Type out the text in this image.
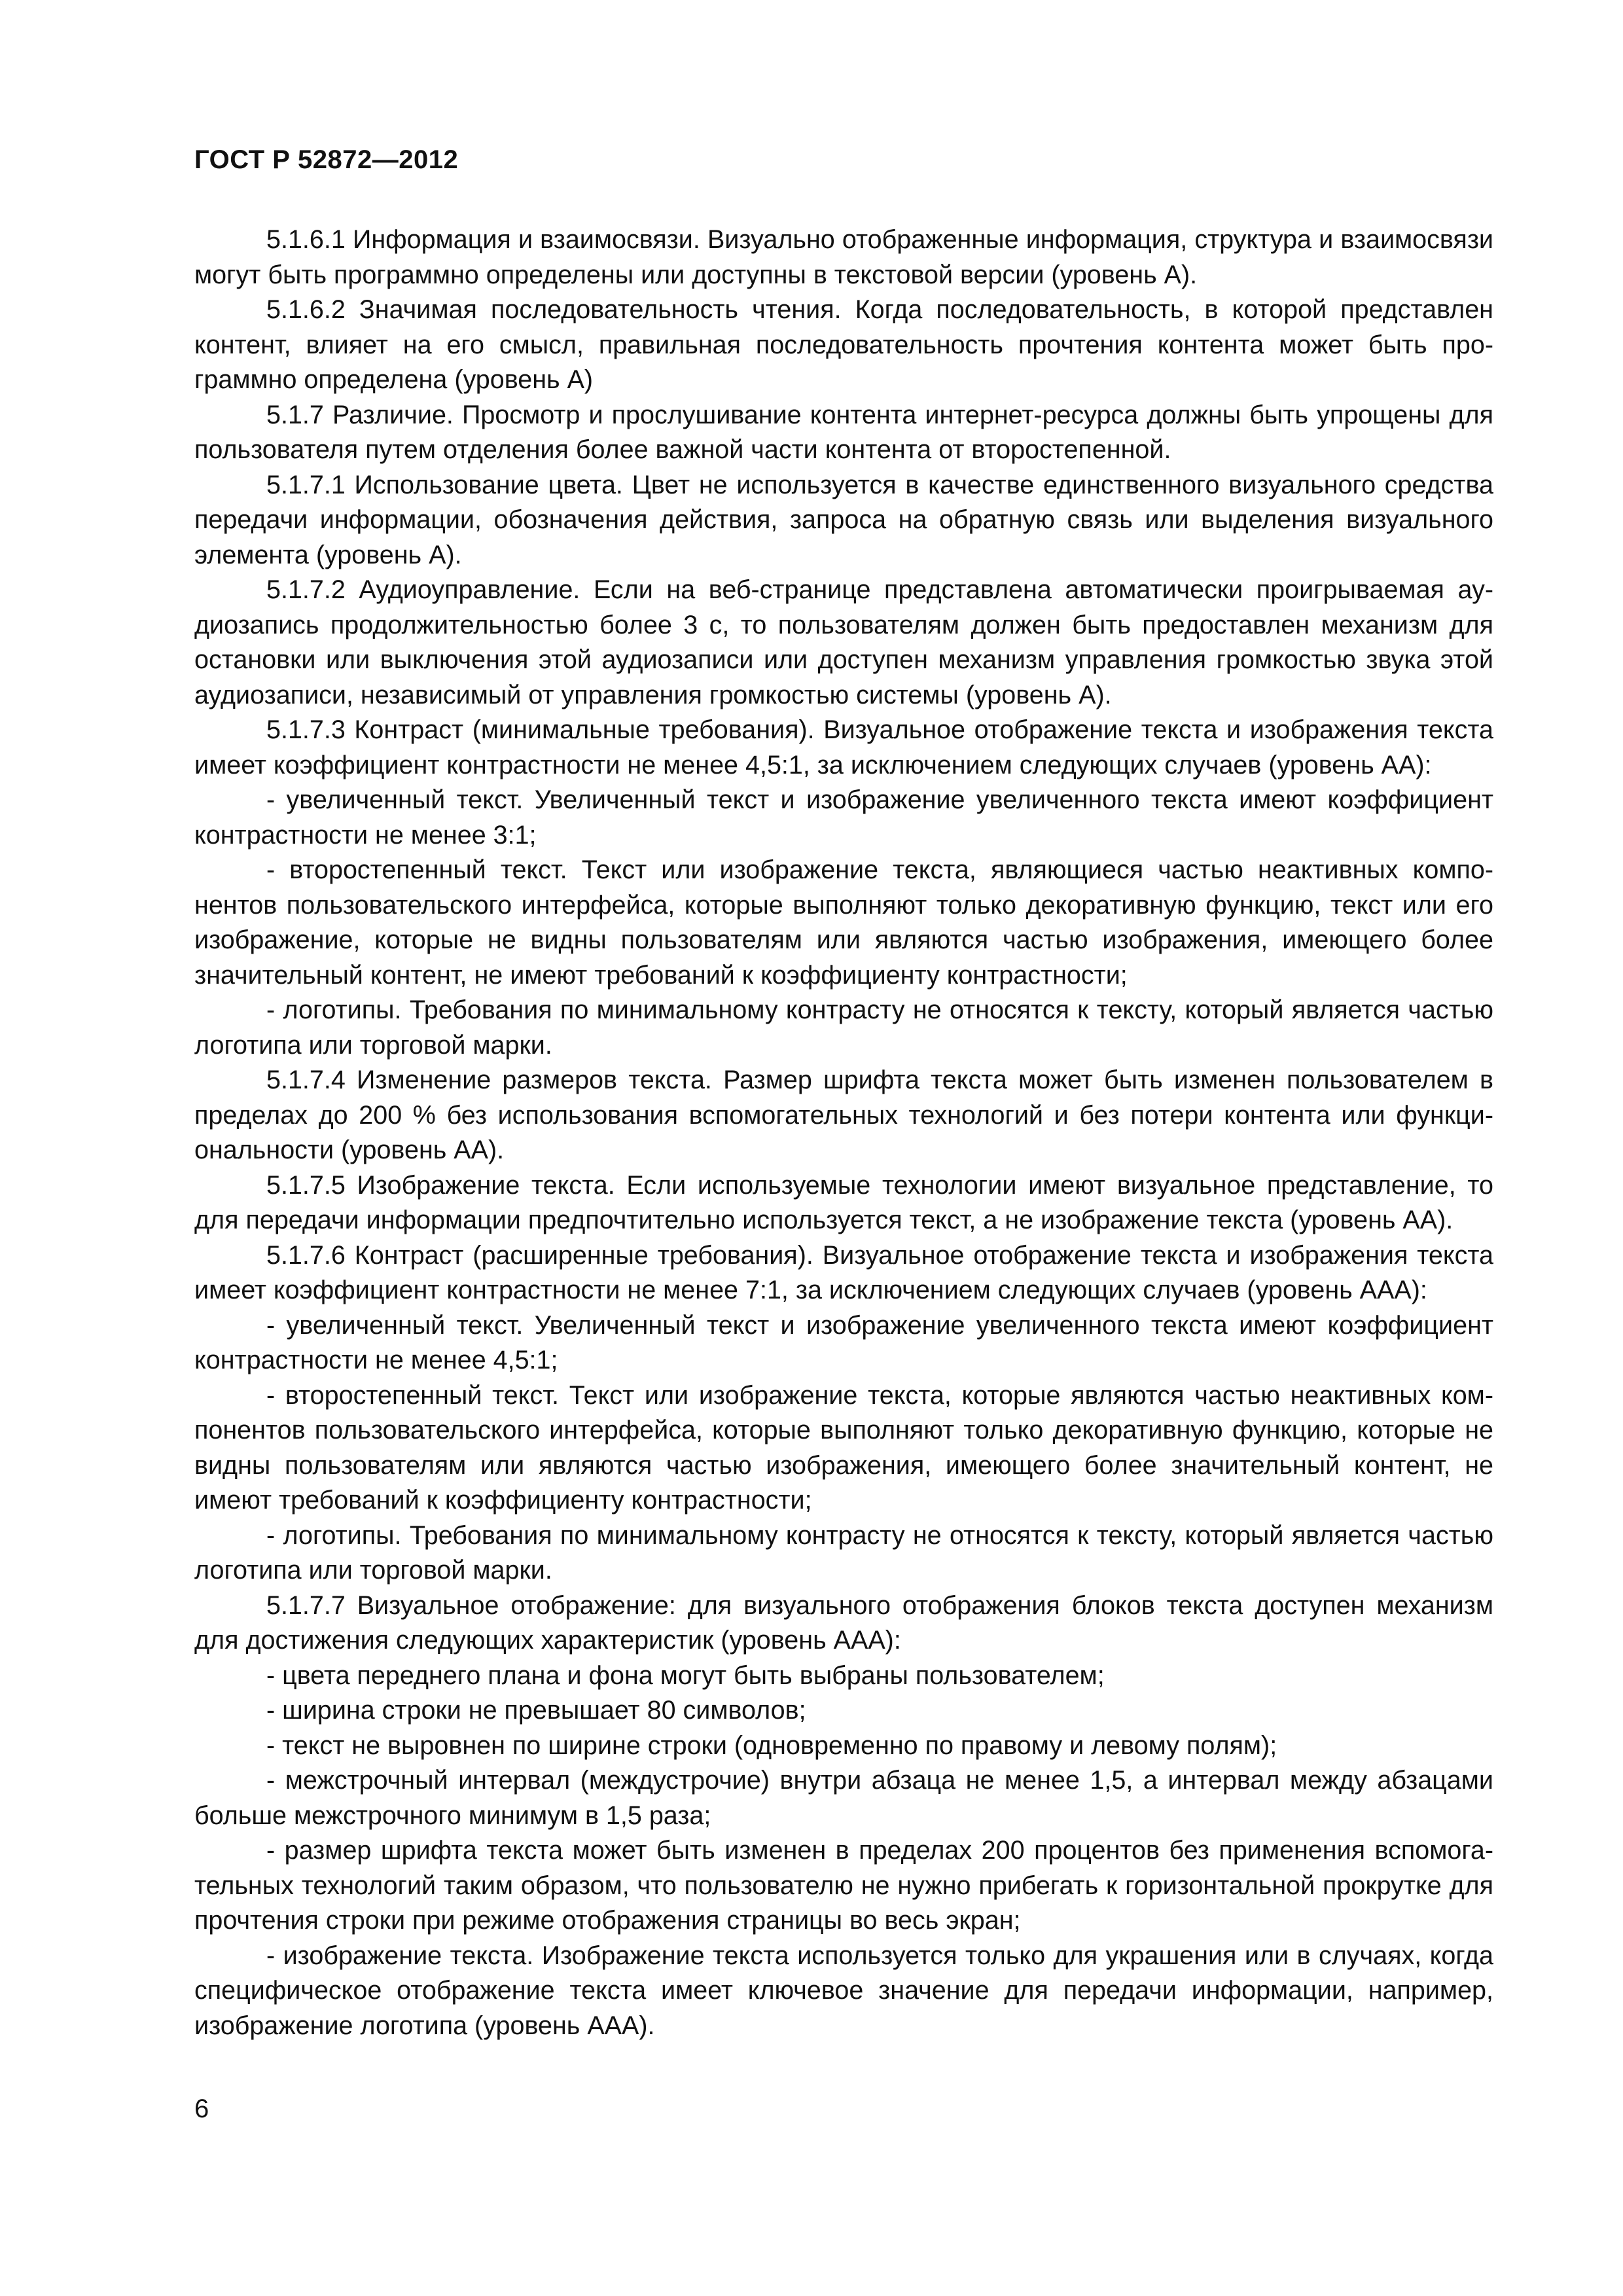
ГОСТ Р 52872—2012

5.1.6.1 Информация и взаимосвязи. Визуально отображенные информация, структура и взаимосвязи могут быть программно определены или доступны в текстовой версии (уровень А).

5.1.6.2 Значимая последовательность чтения. Когда последовательность, в которой представлен контент, влияет на его смысл, правильная последовательность прочтения контента может быть программно определена (уровень А)

5.1.7 Различие. Просмотр и прослушивание контента интернет-ресурса должны быть упрощены для пользователя путем отделения более важной части контента от второстепенной.

5.1.7.1 Использование цвета. Цвет не используется в качестве единственного визуального средства передачи информации, обозначения действия, запроса на обратную связь или выделения визуального элемента (уровень А).

5.1.7.2 Аудиоуправление. Если на веб-странице представлена автоматически проигрываемая аудиозапись продолжительностью более 3 с, то пользователям должен быть предоставлен механизм для остановки или выключения этой аудиозаписи или доступен механизм управления громкостью звука этой аудиозаписи, независимый от управления громкостью системы (уровень А).

5.1.7.3 Контраст (минимальные требования). Визуальное отображение текста и изображения текста имеет коэффициент контрастности не менее 4,5:1, за исключением следующих случаев (уровень АА):

- увеличенный текст. Увеличенный текст и изображение увеличенного текста имеют коэффициент контрастности не менее 3:1;

- второстепенный текст. Текст или изображение текста, являющиеся частью неактивных компонентов пользовательского интерфейса, которые выполняют только декоративную функцию, текст или его изображение, которые не видны пользователям или являются частью изображения, имеющего более значительный контент, не имеют требований к коэффициенту контрастности;

- логотипы. Требования по минимальному контрасту не относятся к тексту, который является частью логотипа или торговой марки.

5.1.7.4 Изменение размеров текста. Размер шрифта текста может быть изменен пользователем в пределах до 200 % без использования вспомогательных технологий и без потери контента или функциональности (уровень АА).

5.1.7.5 Изображение текста. Если используемые технологии имеют визуальное представление, то для передачи информации предпочтительно используется текст, а не изображение текста (уровень АА).

5.1.7.6 Контраст (расширенные требования). Визуальное отображение текста и изображения текста имеет коэффициент контрастности не менее 7:1, за исключением следующих случаев (уровень ААА):

- увеличенный текст. Увеличенный текст и изображение увеличенного текста имеют коэффициент контрастности не менее 4,5:1;

- второстепенный текст. Текст или изображение текста, которые являются частью неактивных компонентов пользовательского интерфейса, которые выполняют только декоративную функцию, которые не видны пользователям или являются частью изображения, имеющего более значительный контент, не имеют требований к коэффициенту контрастности;

- логотипы. Требования по минимальному контрасту не относятся к тексту, который является частью логотипа или торговой марки.

5.1.7.7 Визуальное отображение: для визуального отображения блоков текста доступен механизм для достижения следующих характеристик (уровень ААА):

- цвета переднего плана и фона могут быть выбраны пользователем;

- ширина строки не превышает 80 символов;

- текст не выровнен по ширине строки (одновременно по правому и левому полям);

- межстрочный интервал (междустрочие) внутри абзаца не менее 1,5, а интервал между абзацами больше межстрочного минимум в 1,5 раза;

- размер шрифта текста может быть изменен в пределах 200 процентов без применения вспомогательных технологий таким образом, что пользователю не нужно прибегать к горизонтальной прокрутке для прочтения строки при режиме отображения страницы во весь экран;

- изображение текста. Изображение текста используется только для украшения или в случаях, когда специфическое отображение текста имеет ключевое значение для передачи информации, например, изображение логотипа (уровень ААА).

6
